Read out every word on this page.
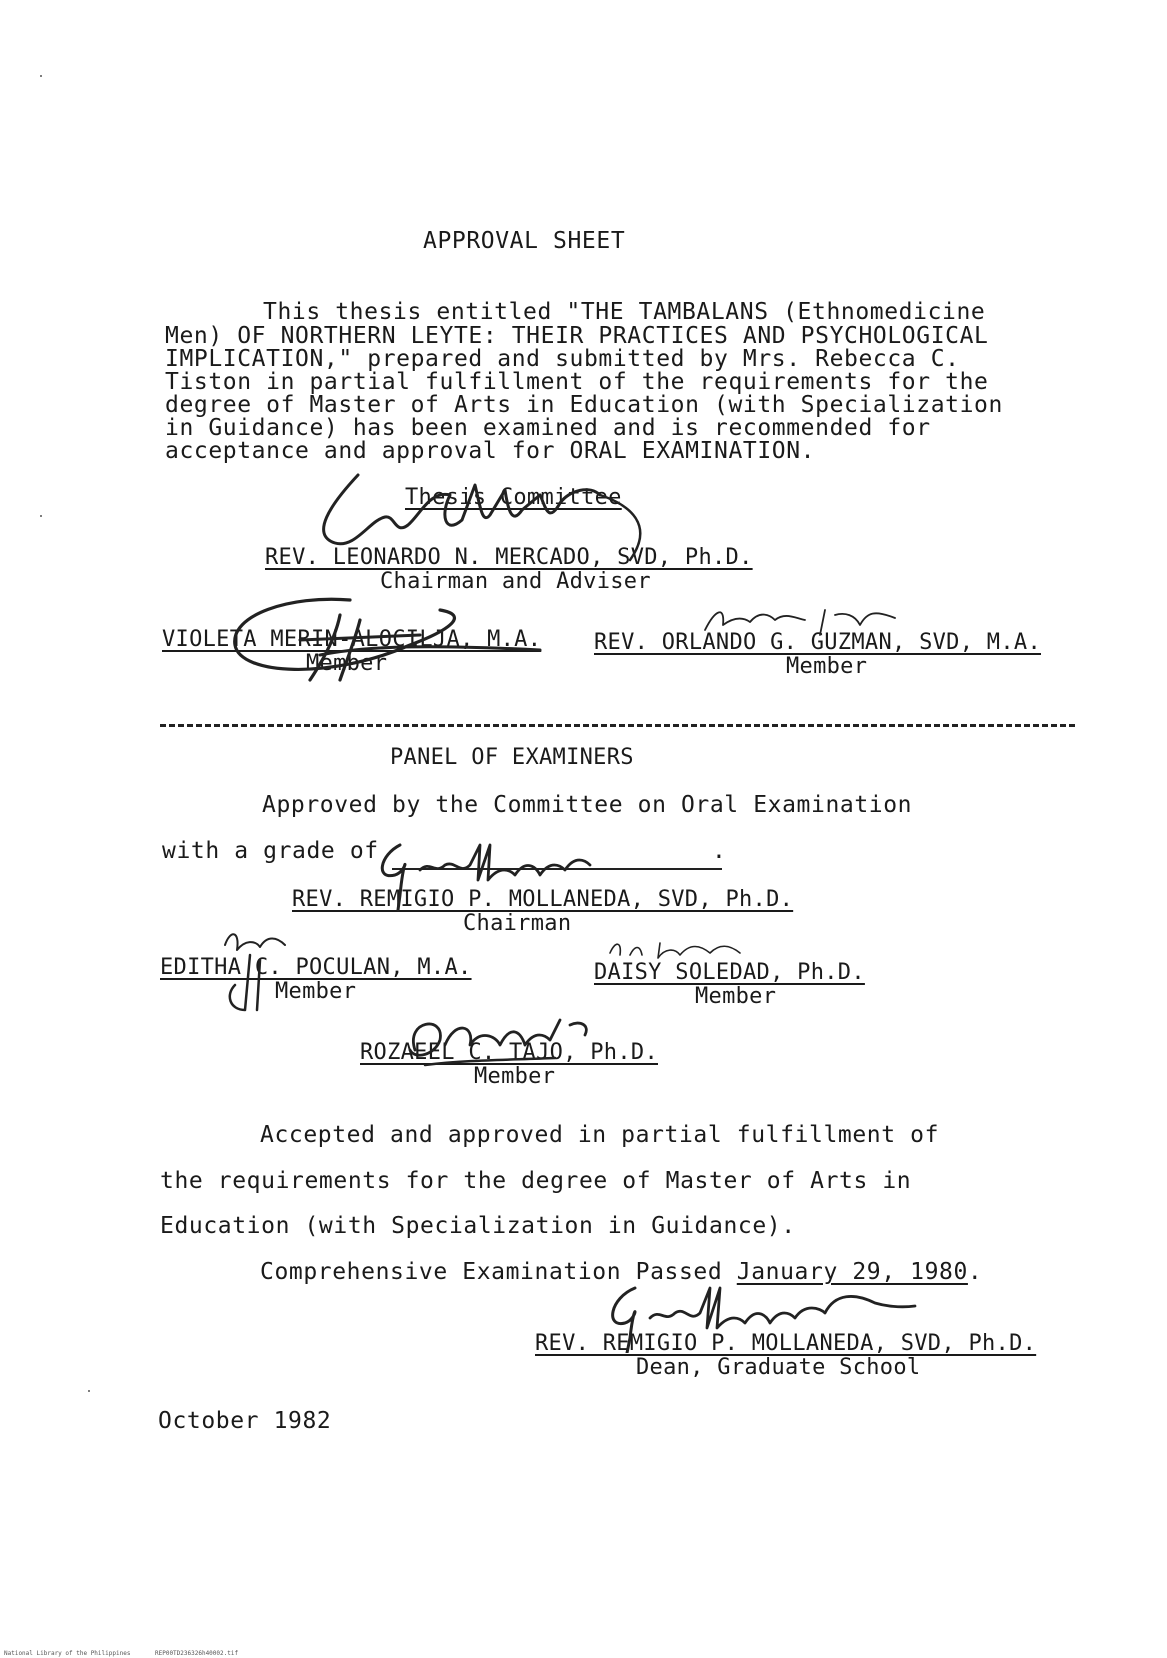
APPROVAL SHEET
This thesis entitled "THE TAMBALANS (Ethnomedicine
Men) OF NORTHERN LEYTE: THEIR PRACTICES AND PSYCHOLOGICAL
IMPLICATION," prepared and submitted by Mrs. Rebecca C.
Tiston in partial fulfillment of the requirements for the
degree of Master of Arts in Education (with Specialization
in Guidance) has been examined and is recommended for
acceptance and approval for ORAL EXAMINATION.
Thesis Committee
REV. LEONARDO N. MERCADO, SVD, Ph.D.
Chairman and Adviser
VIOLETA MERIN-ALOCILJA, M.A.
Member
REV. ORLANDO G. GUZMAN, SVD, M.A.
Member
PANEL OF EXAMINERS
Approved by the Committee on Oral Examination
with a grade of	.
REV. REMIGIO P. MOLLANEDA, SVD, Ph.D.
Chairman
EDITHA C. POCULAN, M.A.
Member
DAISY SOLEDAD, Ph.D.
Member
ROZAEEL C. TAJO, Ph.D.
Member
Accepted and approved in partial fulfillment of
the requirements for the degree of Master of Arts in
Education (with Specialization in Guidance).
Comprehensive Examination Passed January 29, 1980.
REV. REMIGIO P. MOLLANEDA, SVD, Ph.D.
Dean, Graduate School
October 1982
National Library of the Philippines	REP00TD236326h40002.tif
